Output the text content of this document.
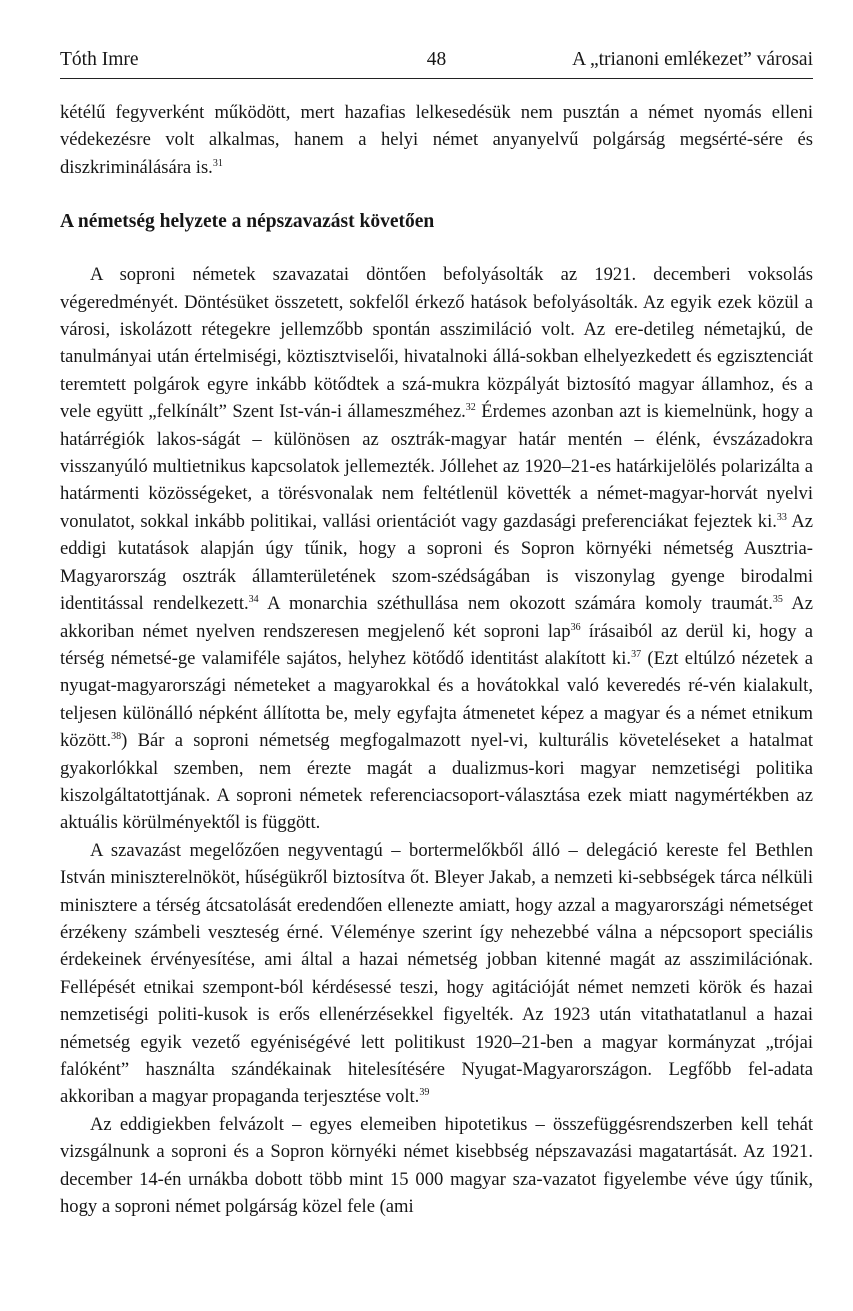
Tóth Imre	48	A „trianoni emlékezet” városai

kétélű fegyverként működött, mert hazafias lelkesedésük nem pusztán a német nyomás elleni védekezésre volt alkalmas, hanem a helyi német anyanyelvű polgárság megsérté-sére és diszkriminálására is.$^{31}$

A németség helyzete a népszavazást követően

A soproni németek szavazatai döntően befolyásolták az 1921. decemberi voksolás végeredményét. Döntésüket összetett, sokfelől érkező hatások befolyásolták. Az egyik ezek közül a városi, iskolázott rétegekre jellemzőbb spontán asszimiláció volt. Az ere-detileg németajkú, de tanulmányai után értelmiségi, köztisztviselői, hivatalnoki állá-sokban elhelyezkedett és egzisztenciát teremtett polgárok egyre inkább kötődtek a szá-mukra közpályát biztosító magyar államhoz, és a vele együtt „felkínált” Szent Ist-ván-i állameszméhez.$^{32}$ Érdemes azonban azt is kiemelnünk, hogy a határrégiók lakos-ságát – különösen az osztrák-magyar határ mentén – élénk, évszázadokra visszanyúló multietnikus kapcsolatok jellemezték. Jóllehet az 1920–21-es határkijelölés polarizálta a határmenti közösségeket, a törésvonalak nem feltétlenül követték a német-magyar-horvát nyelvi vonulatot, sokkal inkább politikai, vallási orientációt vagy gazdasági preferenciákat fejeztek ki.$^{33}$ Az eddigi kutatások alapján úgy tűnik, hogy a soproni és Sopron környéki németség Ausztria-Magyarország osztrák államterületének szom-szédságában is viszonylag gyenge birodalmi identitással rendelkezett.$^{34}$ A monarchia széthullása nem okozott számára komoly traumát.$^{35}$ Az akkoriban német nyelven rendszeresen megjelenő két soproni lap$^{36}$ írásaiból az derül ki, hogy a térség németsé-ge valamiféle sajátos, helyhez kötődő identitást alakított ki.$^{37}$ (Ezt eltúlzó nézetek a nyugat-magyarországi németeket a magyarokkal és a hovátokkal való keveredés ré-vén kialakult, teljesen különálló népként állította be, mely egyfajta átmenetet képez a magyar és a német etnikum között.$^{38}$) Bár a soproni németség megfogalmazott nyel-vi, kulturális követeléseket a hatalmat gyakorlókkal szemben, nem érezte magát a dualizmus-kori magyar nemzetiségi politika kiszolgáltatottjának. A soproni németek referenciacsoport-választása ezek miatt nagymértékben az aktuális körülményektől is függött.

A szavazást megelőzően negyventagú – bortermelőkből álló – delegáció kereste fel Bethlen István miniszterelnököt, hűségükről biztosítva őt. Bleyer Jakab, a nemzeti ki-sebbségek tárca nélküli minisztere a térség átcsatolását eredendően ellenezte amiatt, hogy azzal a magyarországi németséget érzékeny számbeli veszteség érné. Véleménye szerint így nehezebbé válna a népcsoport speciális érdekeinek érvényesítése, ami által a hazai németség jobban kitenné magát az asszimilációnak. Fellépését etnikai szempont-ból kérdésessé teszi, hogy agitációját német nemzeti körök és hazai nemzetiségi politi-kusok is erős ellenérzésekkel figyelték. Az 1923 után vitathatatlanul a hazai németség egyik vezető egyéniségévé lett politikust 1920–21-ben a magyar kormányzat „trójai falóként” használta szándékainak hitelesítésére Nyugat-Magyarországon. Legfőbb fel-adata akkoriban a magyar propaganda terjesztése volt.$^{39}$

Az eddigiekben felvázolt – egyes elemeiben hipotetikus – összefüggésrendszerben kell tehát vizsgálnunk a soproni és a Sopron környéki német kisebbség népszavazási magatartását. Az 1921. december 14-én urnákba dobott több mint 15 000 magyar sza-vazatot figyelembe véve úgy tűnik, hogy a soproni német polgárság közel fele (ami
